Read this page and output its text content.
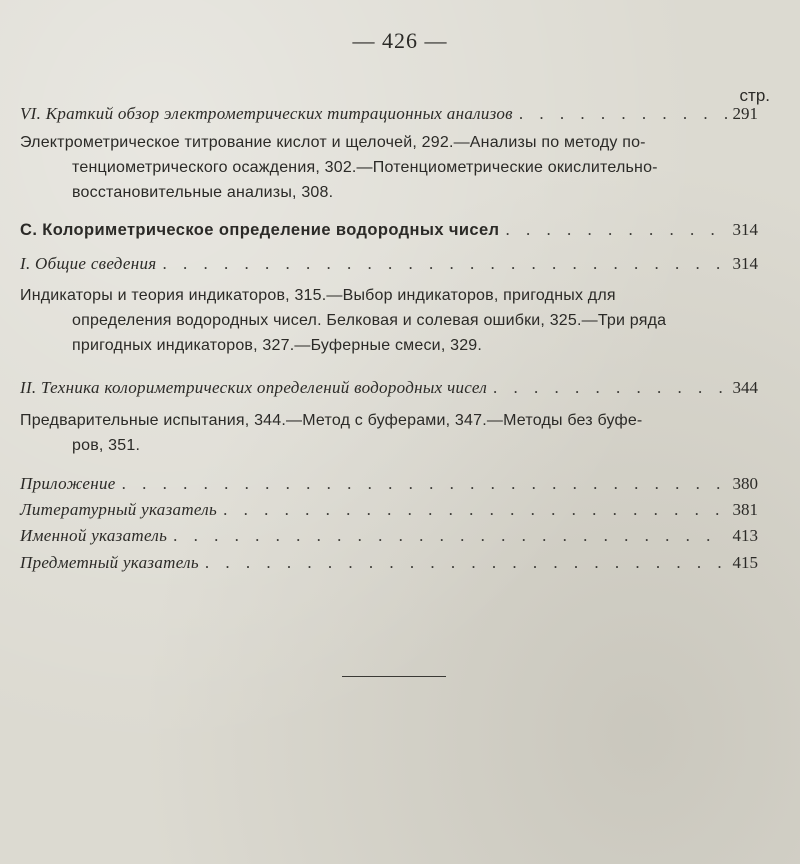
— 426 —
стр.
VI. Краткий обзор электрометрических титрационных анализов . . .	291
Электрометрическое титрование кислот и щелочей, 292.—Анализы по методу по-
тенциометрического осаждения, 302.—Потенциометрические окислительно-
восстановительные анализы, 308.
C. Колориметрическое определение водородных чисел . . .	314
I. Общие сведения . . .	314
Индикаторы и теория индикаторов, 315.—Выбор индикаторов, пригодных для
определения водородных чисел. Белковая и солевая ошибки, 325.—Три ряда
пригодных индикаторов, 327.—Буферные смеси, 329.
II. Техника колориметрических определений водородных чисел . . .	344
Предварительные испытания, 344.—Метод с буферами, 347.—Методы без буфе-
ров, 351.
Приложение . . .	380
Литературный указатель . . .	381
Именной указатель . . .	413
Предметный указатель . . .	415
